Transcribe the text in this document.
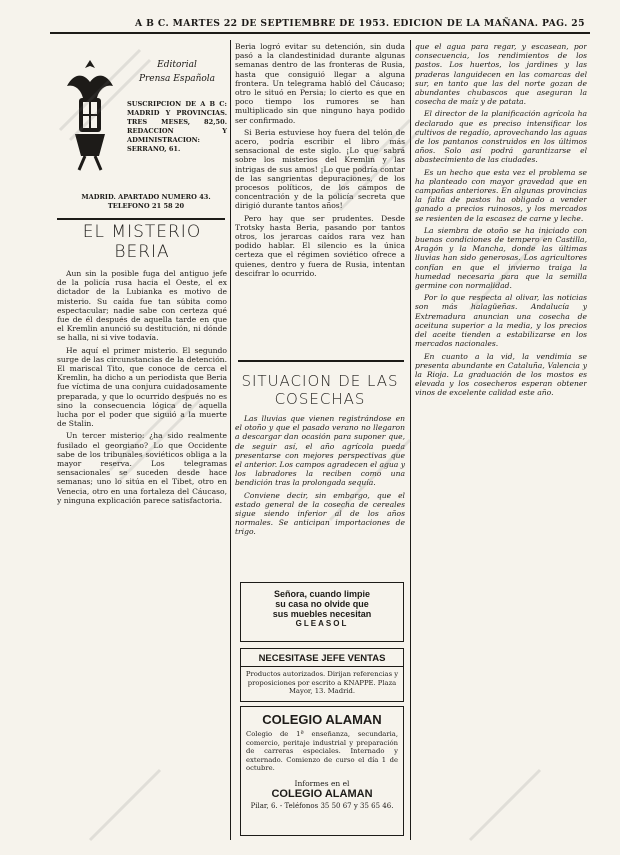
A B C. MARTES 22 DE SEPTIEMBRE DE 1953. EDICION DE LA MAÑANA. PAG. 25
Editorial
Prensa Española
SUSCRIPCION DE A B C: MADRID Y PROVINCIAS. TRES MESES, 82,50. REDACCION Y ADMINISTRACION: SERRANO, 61.
MADRID. APARTADO NUMERO 43. TELEFONO 21 58 20
EL MISTERIO BERIA

Aun sin la posible fuga del antiguo jefe de la policía rusa hacia el Oeste, el ex dictador de la Lubianka es motivo de misterio. Su caída fue tan súbita como espectacular; nadie sabe con certeza qué fue de él después de aquella tarde en que el Kremlin anunció su destitución, ni dónde se halla, ni si vive todavía.

He aquí el primer misterio. El segundo surge de las circunstancias de la detención. El mariscal Tito, que conoce de cerca el Kremlin, ha dicho a un periodista que Beria fue víctima de una conjura cuidadosamente preparada, y que lo ocurrido después no es sino la consecuencia lógica de aquella lucha por el poder que siguió a la muerte de Stalin.

Un tercer misterio: ¿ha sido realmente fusilado el georgiano? Lo que Occidente sabe de los tribunales soviéticos obliga a la mayor reserva. Los telegramas sensacionales se suceden desde hace semanas; uno lo sitúa en el Tibet, otro en Venecia, otro en una fortaleza del Cáucaso, y ninguna explicación parece satisfactoria.

Beria logró evitar su detención, sin duda pasó a la clandestinidad durante algunas semanas dentro de las fronteras de Rusia, hasta que consiguió llegar a alguna frontera. Un telegrama habló del Cáucaso; otro le situó en Persia; lo cierto es que en poco tiempo los rumores se han multiplicado sin que ninguno haya podido ser confirmado.

Si Beria estuviese hoy fuera del telón de acero, podría escribir el libro más sensacional de este siglo. ¡Lo que sabrá sobre los misterios del Kremlin y las intrigas de sus amos! ¡Lo que podría contar de las sangrientas depuraciones, de los procesos políticos, de los campos de concentración y de la policía secreta que dirigió durante tantos años!

Pero hay que ser prudentes. Desde Trotsky hasta Beria, pasando por tantos otros, los jerarcas caídos rara vez han podido hablar. El silencio es la única certeza que el régimen soviético ofrece a quienes, dentro y fuera de Rusia, intentan descifrar lo ocurrido.

SITUACION DE LAS
COSECHAS

Las lluvias que vienen registrándose en el otoño y que el pasado verano no llegaron a descargar dan ocasión para suponer que, de seguir así, el año agrícola pueda presentarse con mejores perspectivas que el anterior. Los campos agradecen el agua y los labradores la reciben como una bendición tras la prolongada sequía.

Conviene decir, sin embargo, que el estado general de la cosecha de cereales sigue siendo inferior al de los años normales. Se anticipan importaciones de trigo.

Señora, cuando limpie
su casa no olvide que
sus muebles necesitan
GLEASOL
NECESITASE JEFE VENTAS
Productos autorizados. Dirijan referencias y proposiciones por escrito a KNAPPE. Plaza Mayor, 13. Madrid.
COLEGIO ALAMAN
Colegio de 1ª enseñanza, secundaria, comercio, peritaje industrial y preparación de carreras especiales. Internado y externado. Comienzo de curso el día 1 de octubre.
Informes en el
COLEGIO ALAMAN
Pilar, 6. - Teléfonos 35 50 67 y 35 65 46.

que el agua para regar, y escasean, por consecuencia, los rendimientos de los pastos. Los huertos, los jardines y las praderas languidecen en las comarcas del sur, en tanto que las del norte gozan de abundantes chubascos que aseguran la cosecha de maíz y de patata.

El director de la planificación agrícola ha declarado que es preciso intensificar los cultivos de regadío, aprovechando las aguas de los pantanos construidos en los últimos años. Solo así podrá garantizarse el abastecimiento de las ciudades.

Es un hecho que esta vez el problema se ha planteado con mayor gravedad que en campañas anteriores. En algunas provincias la falta de pastos ha obligado a vender ganado a precios ruinosos, y los mercados se resienten de la escasez de carne y leche.

La siembra de otoño se ha iniciado con buenas condiciones de tempero en Castilla, Aragón y la Mancha, donde las últimas lluvias han sido generosas. Los agricultores confían en que el invierno traiga la humedad necesaria para que la semilla germine con normalidad.

Por lo que respecta al olivar, las noticias son más halagüeñas. Andalucía y Extremadura anuncian una cosecha de aceituna superior a la media, y los precios del aceite tienden a estabilizarse en los mercados nacionales.

En cuanto a la vid, la vendimia se presenta abundante en Cataluña, Valencia y la Rioja. La graduación de los mostos es elevada y los cosecheros esperan obtener vinos de excelente calidad este año.
